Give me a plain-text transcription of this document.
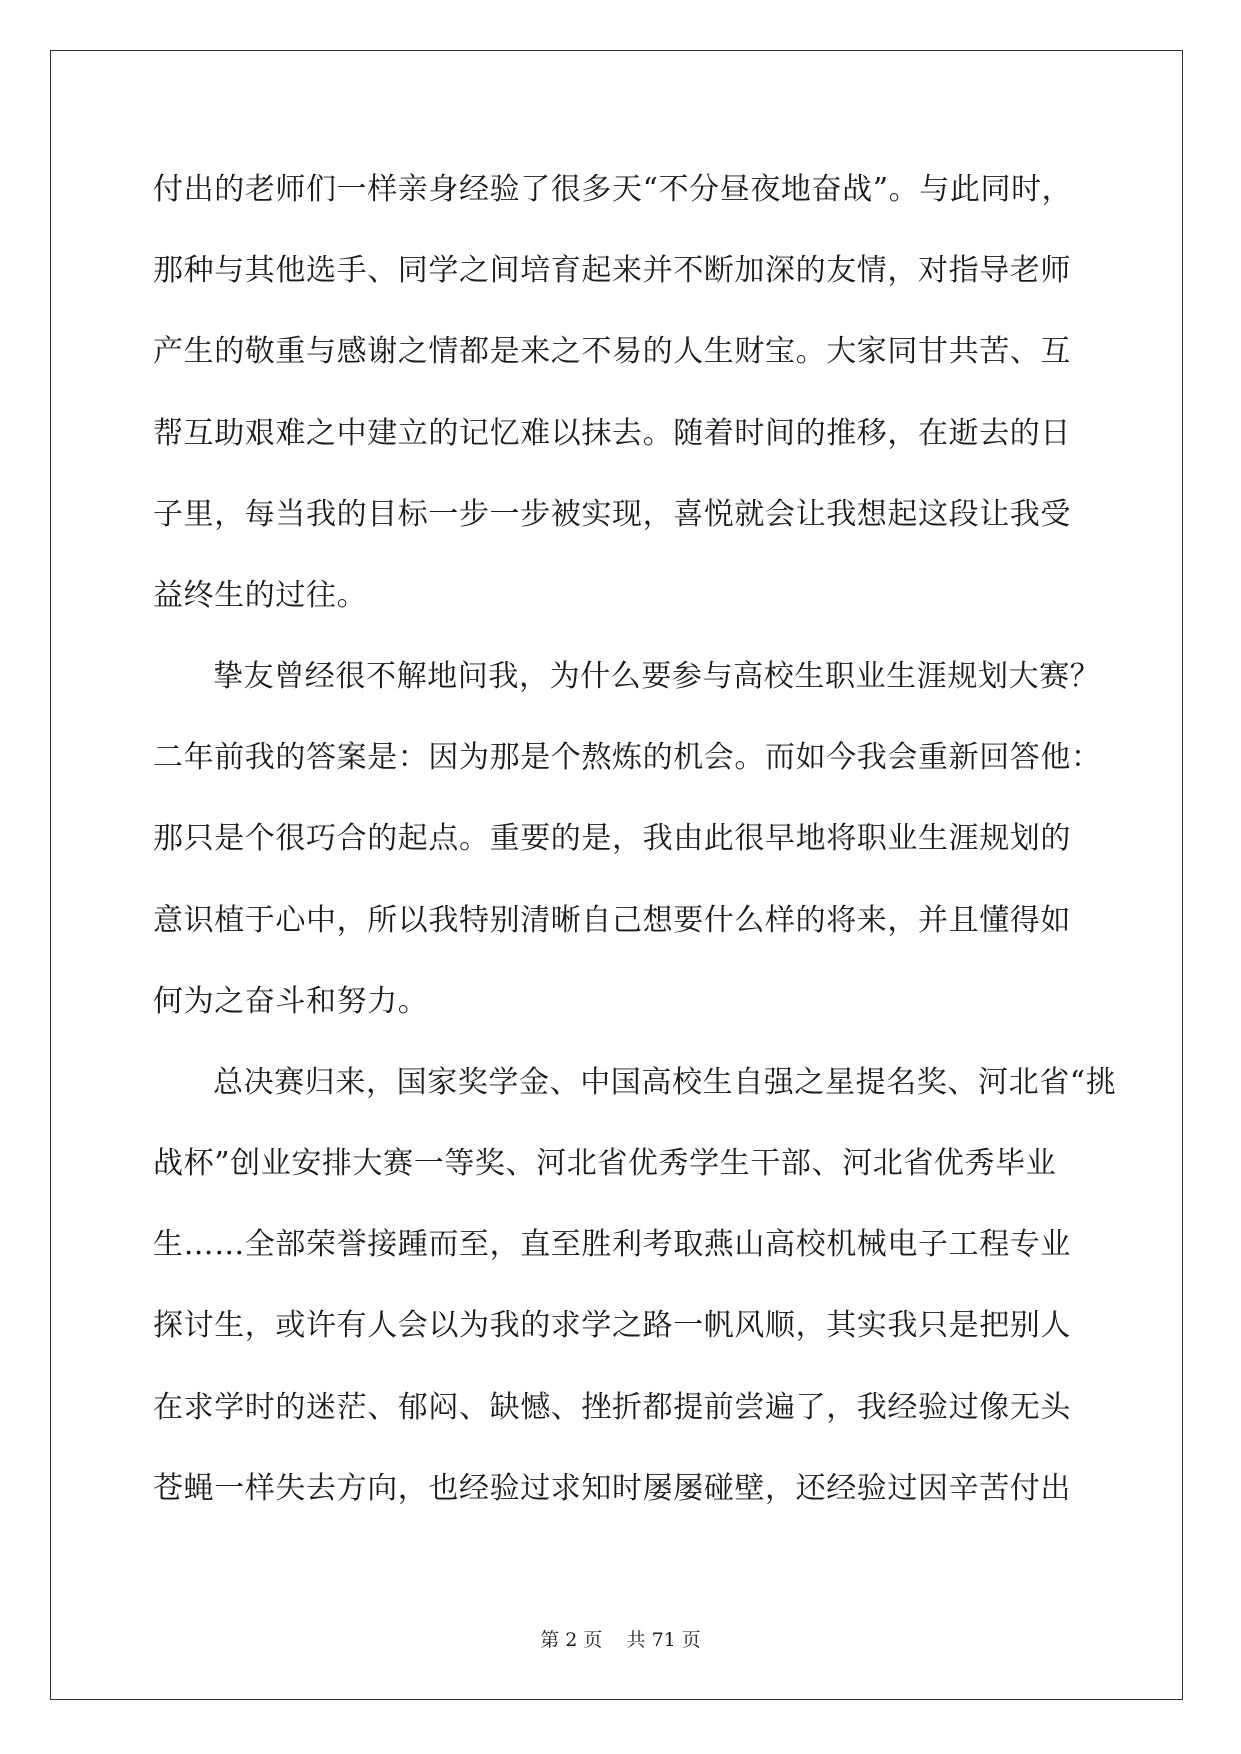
付出的老师们一样亲身经验了很多天“不分昼夜地奋战”。与此同时，
那种与其他选手、同学之间培育起来并不断加深的友情，对指导老师
产生的敬重与感谢之情都是来之不易的人生财宝。大家同甘共苦、互
帮互助艰难之中建立的记忆难以抹去。随着时间的推移，在逝去的日
子里，每当我的目标一步一步被实现，喜悦就会让我想起这段让我受
益终生的过往。
挚友曾经很不解地问我，为什么要参与高校生职业生涯规划大赛？
二年前我的答案是：因为那是个熬炼的机会。而如今我会重新回答他：
那只是个很巧合的起点。重要的是，我由此很早地将职业生涯规划的
意识植于心中，所以我特别清晰自己想要什么样的将来，并且懂得如
何为之奋斗和努力。
总决赛归来，国家奖学金、中国高校生自强之星提名奖、河北省“挑
战杯”创业安排大赛一等奖、河北省优秀学生干部、河北省优秀毕业
生……全部荣誉接踵而至，直至胜利考取燕山高校机械电子工程专业
探讨生，或许有人会以为我的求学之路一帆风顺，其实我只是把别人
在求学时的迷茫、郁闷、缺憾、挫折都提前尝遍了，我经验过像无头
苍蝇一样失去方向，也经验过求知时屡屡碰壁，还经验过因辛苦付出
第 2 页    共 71 页
